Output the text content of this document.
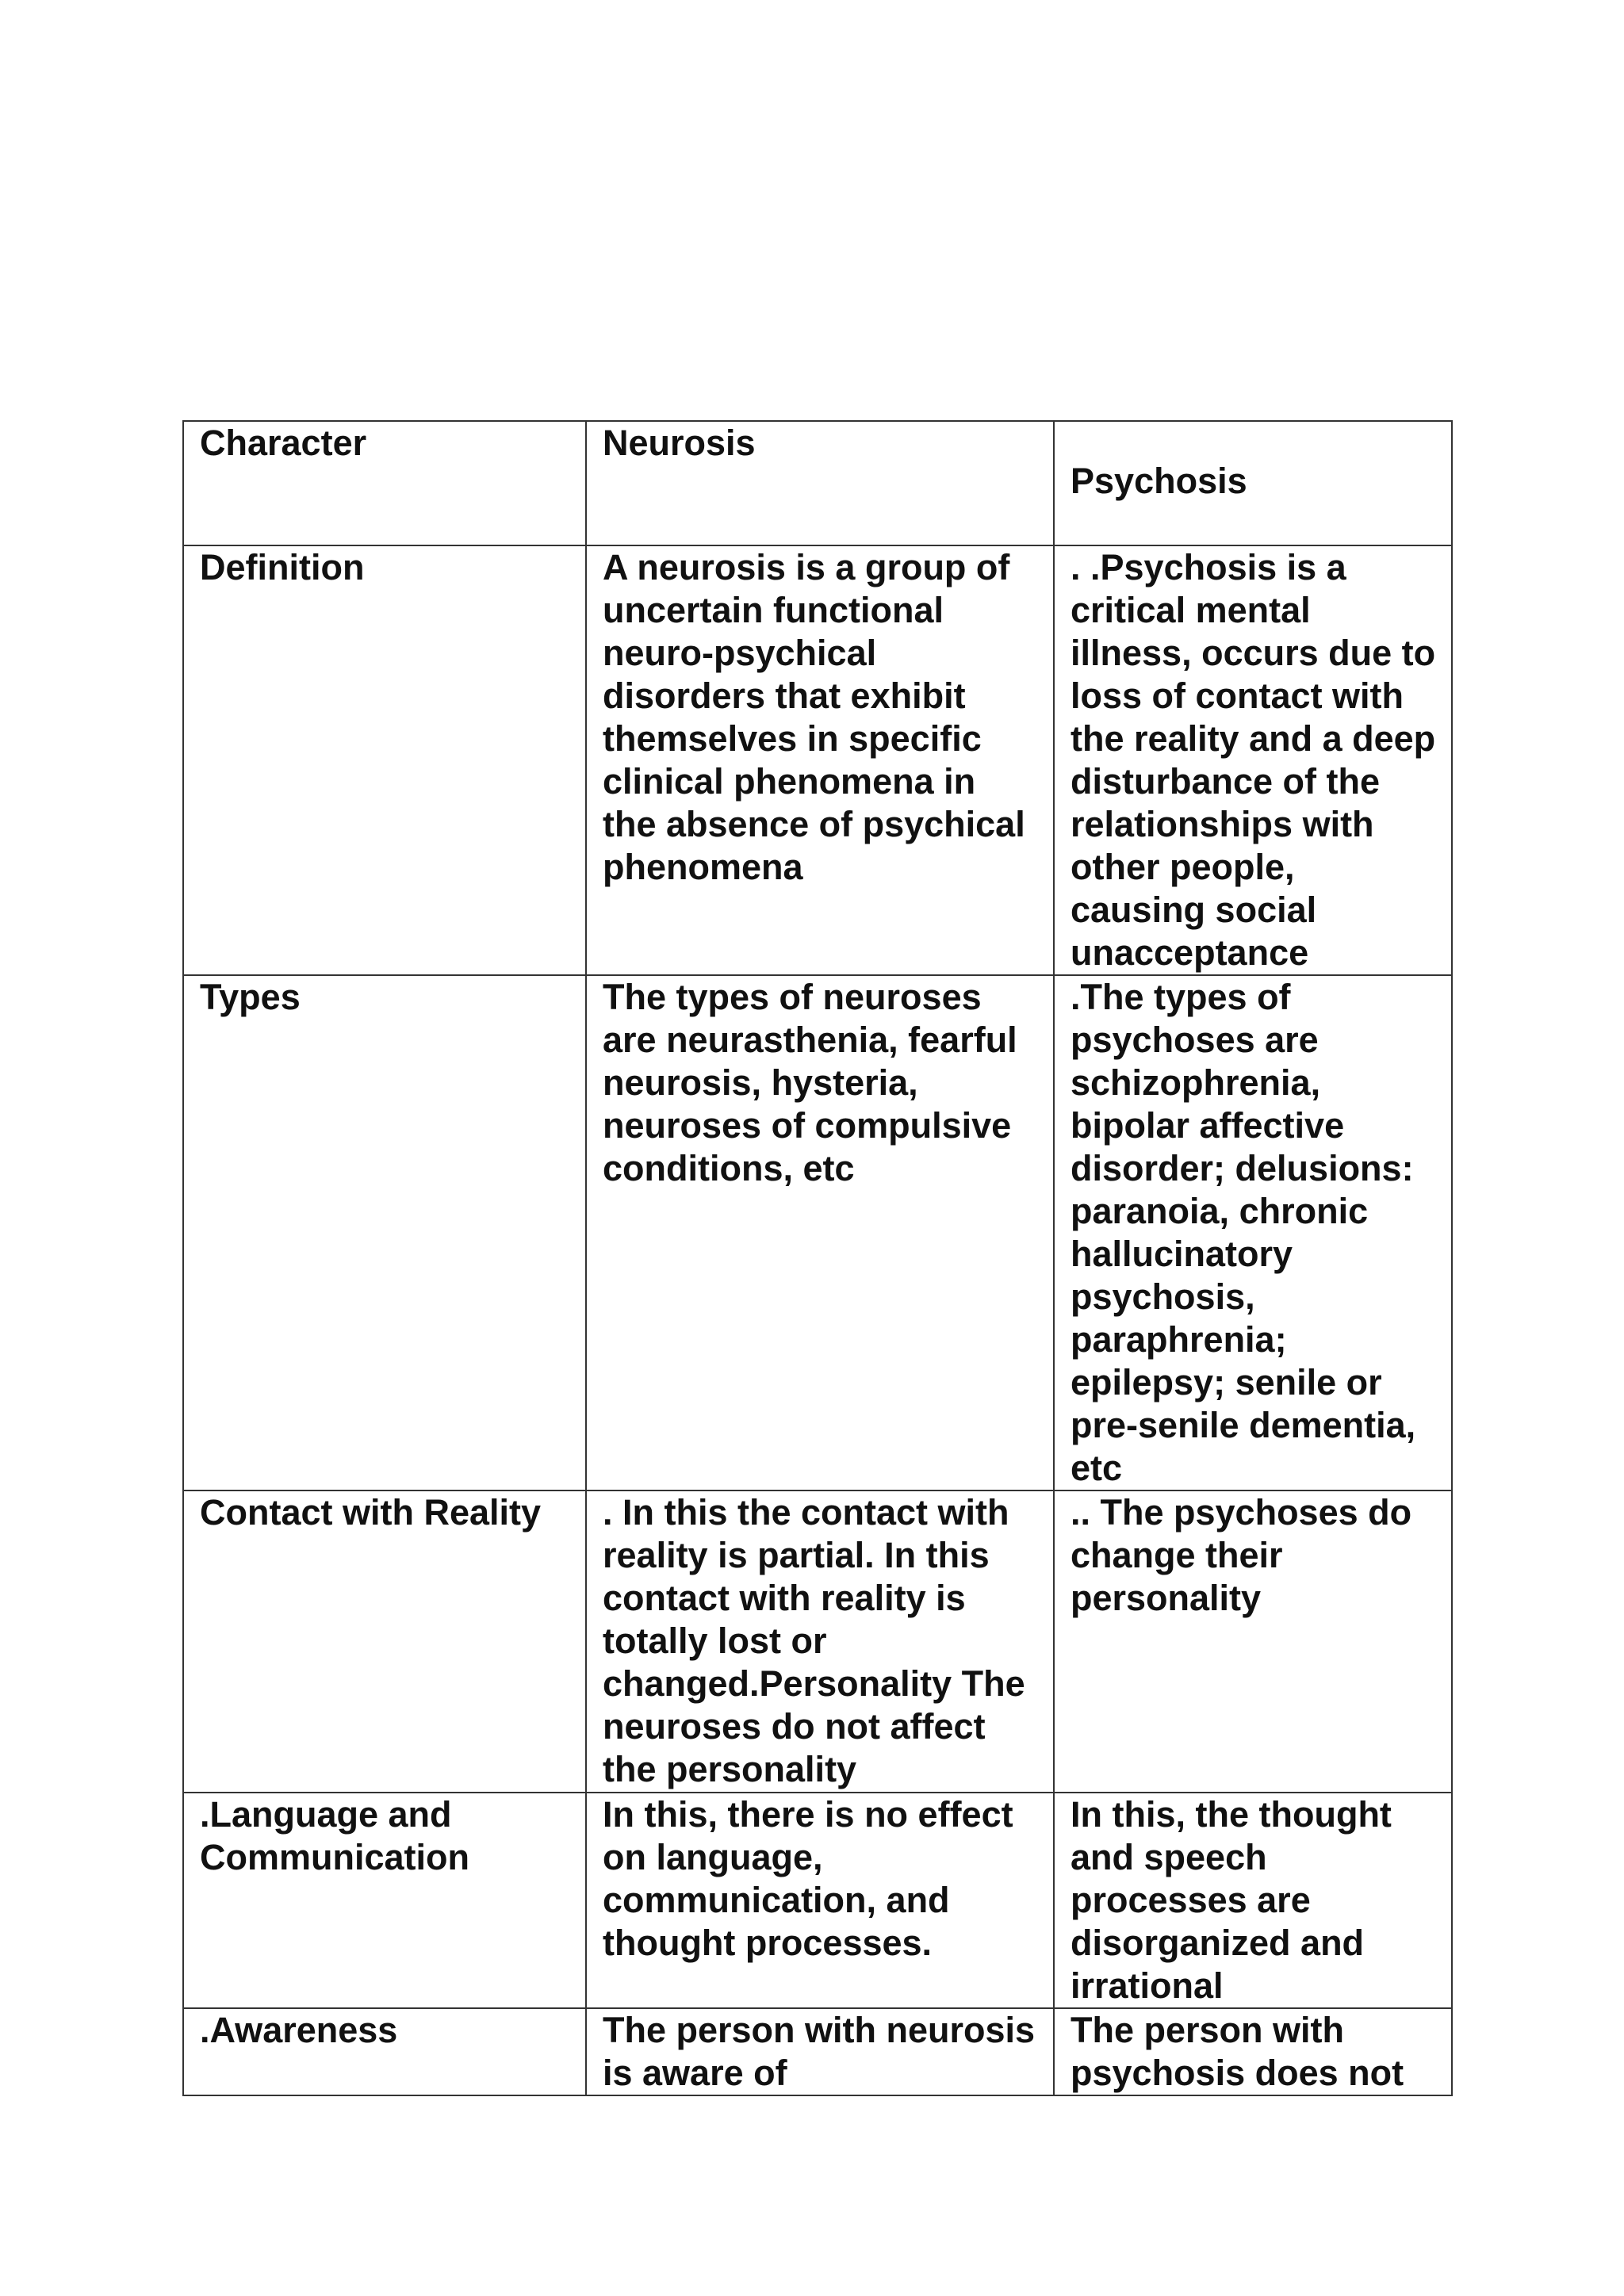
Character	Neurosis	Psychosis

Definition	A neurosis is a group of uncertain functional neuro-psychical disorders that exhibit themselves in specific clinical phenomena in the absence of psychical phenomena	. .Psychosis is a critical mental illness, occurs due to loss of contact with the reality and a deep disturbance of the relationships with other people, causing social unacceptance

Types	The types of neuroses are neurasthenia, fearful neurosis, hysteria, neuroses of compulsive conditions, etc	.The types of psychoses are schizophrenia, bipolar affective disorder; delusions: paranoia, chronic hallucinatory psychosis, paraphrenia; epilepsy; senile or pre-senile dementia, etc

Contact with Reality	. In this the contact with reality is partial. In this contact with reality is totally lost or changed.Personality The neuroses do not affect the personality	.. The psychoses do change their personality

.Language and Communication	In this, there is no effect on language, communication, and thought processes.	In this, the thought and speech processes are disorganized and irrational

.Awareness	The person with neurosis is aware of	The person with psychosis does not
